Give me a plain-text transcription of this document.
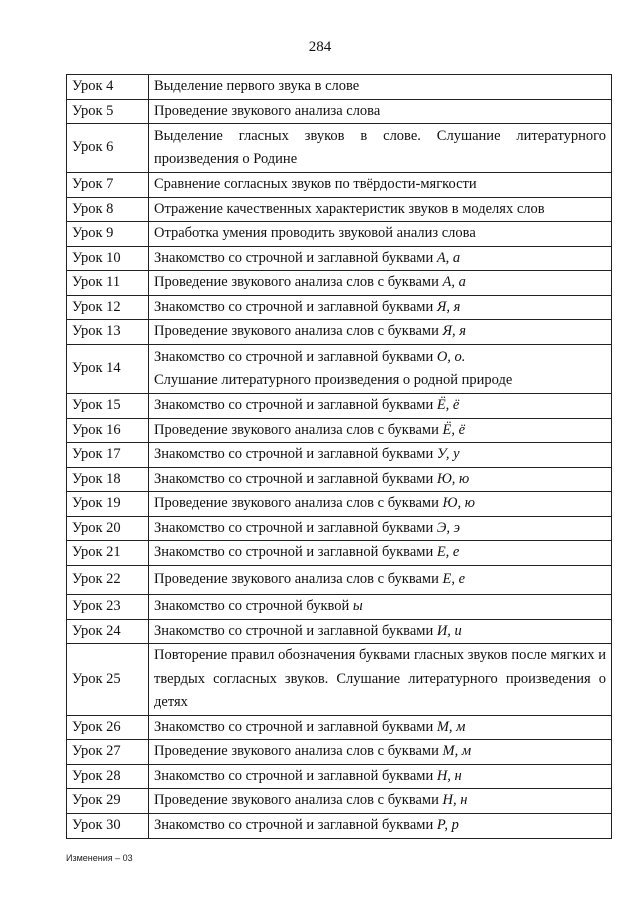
284
Урок 4	Выделение первого звука в слове
Урок 5	Проведение звукового анализа слова
Урок 6	Выделение гласных звуков в слове. Слушание литературного произведения о Родине
Урок 7	Сравнение согласных звуков по твёрдости-мягкости
Урок 8	Отражение качественных характеристик звуков в моделях слов
Урок 9	Отработка умения проводить звуковой анализ слова
Урок 10	Знакомство со строчной и заглавной буквами А, а
Урок 11	Проведение звукового анализа слов с буквами А, а
Урок 12	Знакомство со строчной и заглавной буквами Я, я
Урок 13	Проведение звукового анализа слов с буквами Я, я
Урок 14	Знакомство со строчной и заглавной буквами О, о.
Слушание литературного произведения о родной природе
Урок 15	Знакомство со строчной и заглавной буквами Ё, ё
Урок 16	Проведение звукового анализа слов с буквами Ё, ё
Урок 17	Знакомство со строчной и заглавной буквами У, у
Урок 18	Знакомство со строчной и заглавной буквами Ю, ю
Урок 19	Проведение звукового анализа слов с буквами Ю, ю
Урок 20	Знакомство со строчной и заглавной буквами Э, э
Урок 21	Знакомство со строчной и заглавной буквами Е, е
Урок 22	Проведение звукового анализа слов с буквами Е, е
Урок 23	Знакомство со строчной буквой ы
Урок 24	Знакомство со строчной и заглавной буквами И, и
Урок 25	Повторение правил обозначения буквами гласных звуков после мягких и твердых согласных звуков. Слушание литературного произведения о детях
Урок 26	Знакомство со строчной и заглавной буквами М, м
Урок 27	Проведение звукового анализа слов с буквами М, м
Урок 28	Знакомство со строчной и заглавной буквами Н, н
Урок 29	Проведение звукового анализа слов с буквами Н, н
Урок 30	Знакомство со строчной и заглавной буквами Р, р
Изменения – 03
